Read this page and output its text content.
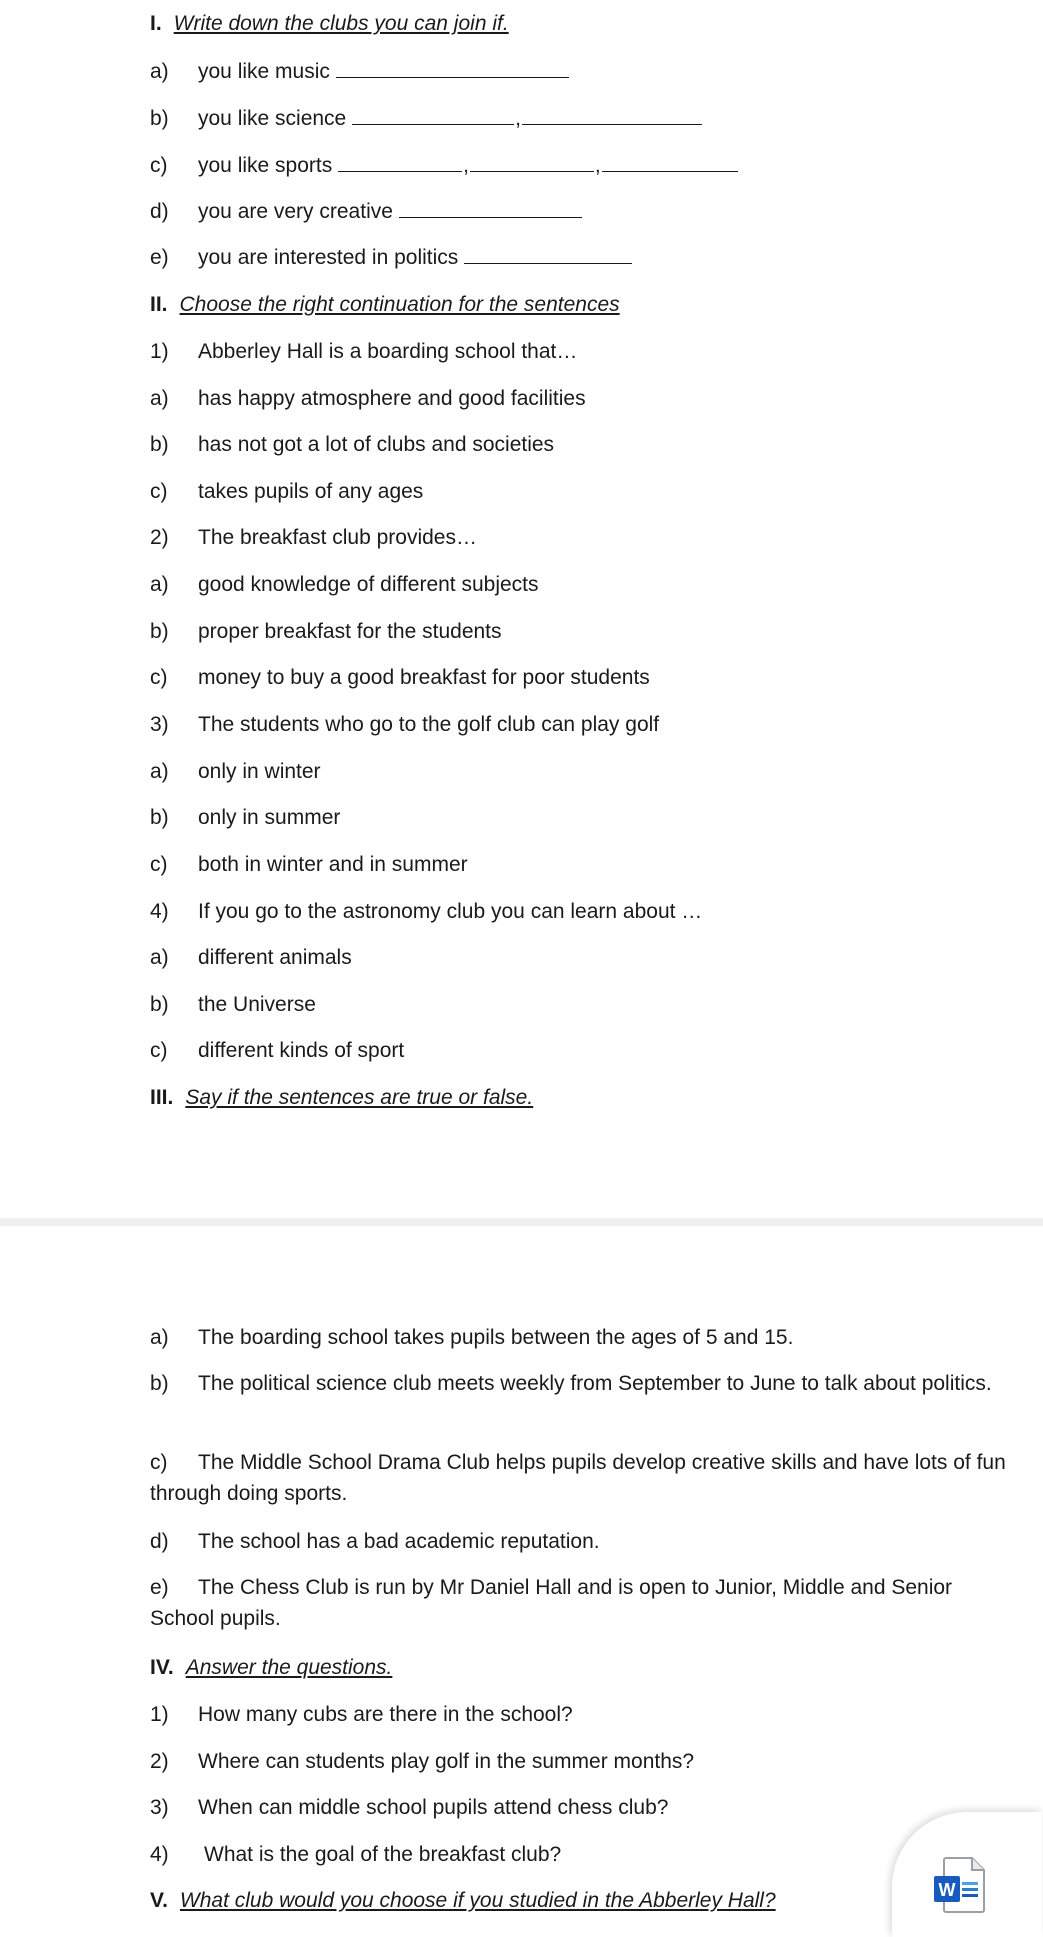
I. Write down the clubs you can join if.
a) you like music
b) you like science	,
c) you like sports	,	,
d) you are very creative
e) you are interested in politics
II. Choose the right continuation for the sentences
1) Abberley Hall is a boarding school that…
a) has happy atmosphere and good facilities
b) has not got a lot of clubs and societies
c) takes pupils of any ages
2) The breakfast club provides…
a) good knowledge of different subjects
b) proper breakfast for the students
c) money to buy a good breakfast for poor students
3) The students who go to the golf club can play golf
a) only in winter
b) only in summer
c) both in winter and in summer
4) If you go to the astronomy club you can learn about …
a) different animals
b) the Universe
c) different kinds of sport
III. Say if the sentences are true or false.
a) The boarding school takes pupils between the ages of 5 and 15.
b) The political science club meets weekly from September to June to talk about politics.
c) The Middle School Drama Club helps pupils develop creative skills and have lots of fun through doing sports.
d) The school has a bad academic reputation.
e) The Chess Club is run by Mr Daniel Hall and is open to Junior, Middle and Senior School pupils.
IV. Answer the questions.
1) How many cubs are there in the school?
2) Where can students play golf in the summer months?
3) When can middle school pupils attend chess club?
4) What is the goal of the breakfast club?
V. What club would you choose if you studied in the Abberley Hall?	W
